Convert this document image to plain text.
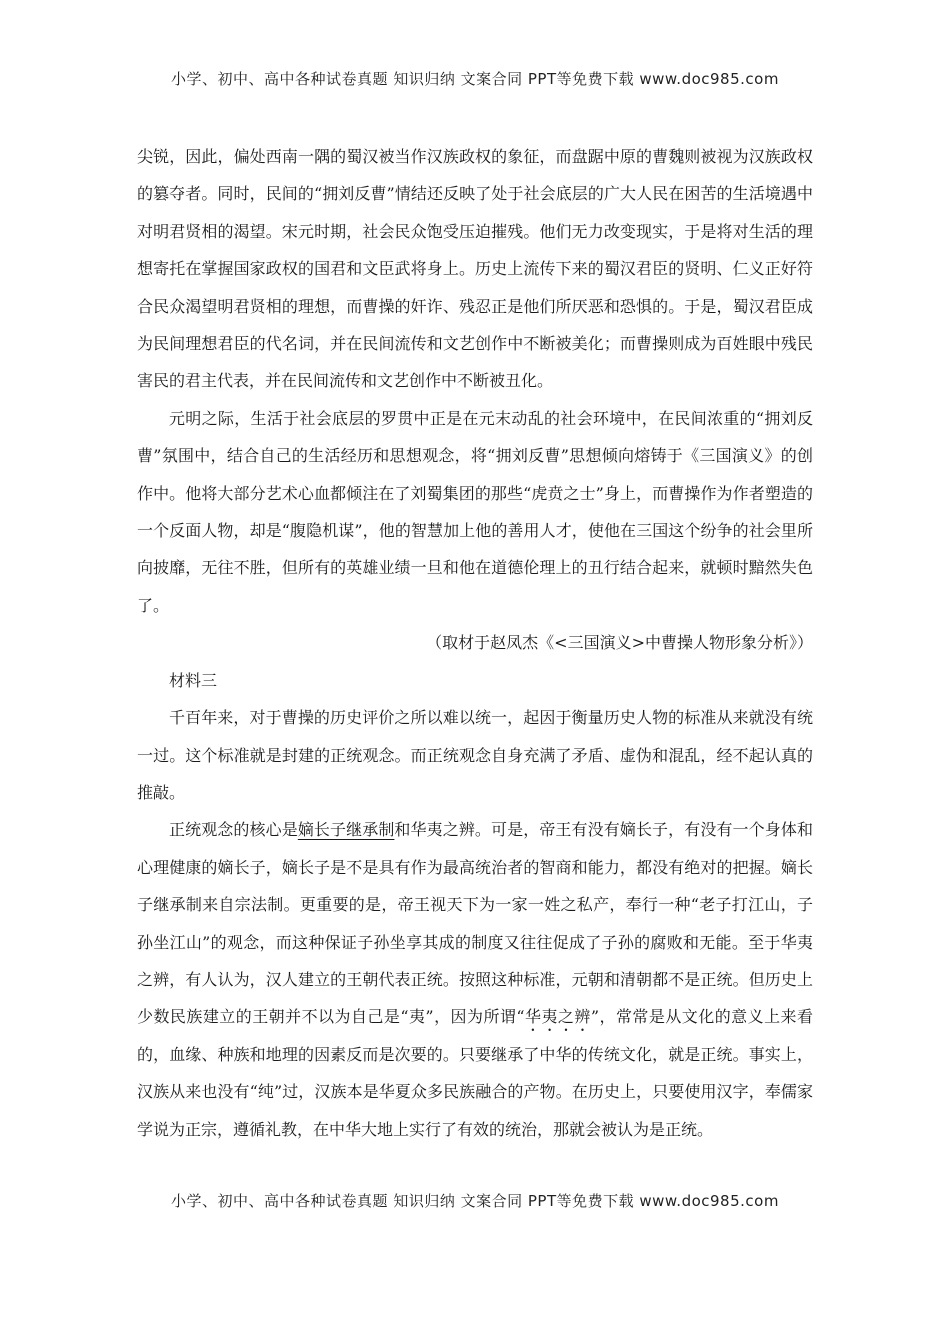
小学、初中、高中各种试卷真题 知识归纳 文案合同 PPT等免费下载 www.doc985.com

尖锐，因此，偏处西南一隅的蜀汉被当作汉族政权的象征，而盘踞中原的曹魏则被视为汉族政权的篡夺者。同时，民间的“拥刘反曹”情结还反映了处于社会底层的广大人民在困苦的生活境遇中对明君贤相的渴望。宋元时期，社会民众饱受压迫摧残。他们无力改变现实，于是将对生活的理想寄托在掌握国家政权的国君和文臣武将身上。历史上流传下来的蜀汉君臣的贤明、仁义正好符合民众渴望明君贤相的理想，而曹操的奸诈、残忍正是他们所厌恶和恐惧的。于是，蜀汉君臣成为民间理想君臣的代名词，并在民间流传和文艺创作中不断被美化；而曹操则成为百姓眼中残民害民的君主代表，并在民间流传和文艺创作中不断被丑化。

元明之际，生活于社会底层的罗贯中正是在元末动乱的社会环境中，在民间浓重的“拥刘反曹”氛围中，结合自己的生活经历和思想观念，将“拥刘反曹”思想倾向熔铸于《三国演义》的创作中。他将大部分艺术心血都倾注在了刘蜀集团的那些“虎贲之士”身上，而曹操作为作者塑造的一个反面人物，却是“腹隐机谋”，他的智慧加上他的善用人才，使他在三国这个纷争的社会里所向披靡，无往不胜，但所有的英雄业绩一旦和他在道德伦理上的丑行结合起来，就顿时黯然失色了。

（取材于赵凤杰《<三国演义>中曹操人物形象分析》）

材料三

千百年来，对于曹操的历史评价之所以难以统一，起因于衡量历史人物的标准从来就没有统一过。这个标准就是封建的正统观念。而正统观念自身充满了矛盾、虚伪和混乱，经不起认真的推敲。

正统观念的核心是嫡长子继承制和华夷之辨。可是，帝王有没有嫡长子，有没有一个身体和心理健康的嫡长子，嫡长子是不是具有作为最高统治者的智商和能力，都没有绝对的把握。嫡长子继承制来自宗法制。更重要的是，帝王视天下为一家一姓之私产，奉行一种“老子打江山，子孙坐江山”的观念，而这种保证子孙坐享其成的制度又往往促成了子孙的腐败和无能。至于华夷之辨，有人认为，汉人建立的王朝代表正统。按照这种标准，元朝和清朝都不是正统。但历史上少数民族建立的王朝并不以为自己是“夷”，因为所谓“华夷之辨”，常常是从文化的意义上来看的，血缘、种族和地理的因素反而是次要的。只要继承了中华的传统文化，就是正统。事实上，汉族从来也没有“纯”过，汉族本是华夏众多民族融合的产物。在历史上，只要使用汉字，奉儒家学说为正宗，遵循礼教，在中华大地上实行了有效的统治，那就会被认为是正统。

小学、初中、高中各种试卷真题 知识归纳 文案合同 PPT等免费下载 www.doc985.com
